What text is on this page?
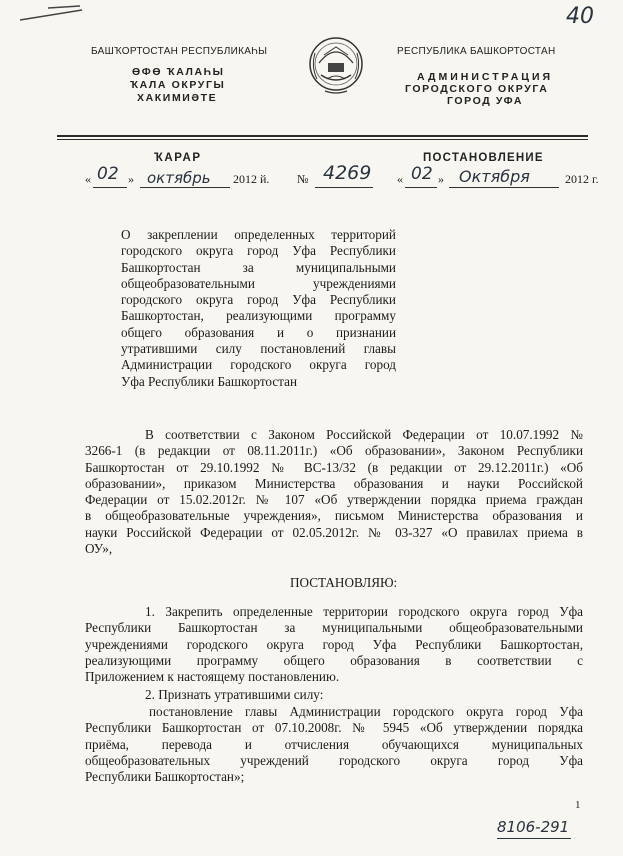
40
БАШҠОРТОСТАН РЕСПУБЛИКАҺЫ
ӨФӨ ҠАЛАҺЫ
ҠАЛА ОКРУГЫ
ХАКИМИӘТЕ
РЕСПУБЛИКА БАШКОРТОСТАН
АДМИНИСТРАЦИЯ
ГОРОДСКОГО ОКРУГА
ГОРОД УФА
ҠАРАР	ПОСТАНОВЛЕНИЕ
« 02 » октябрь 2012 й. № 4269 « 02 » Октября	2012 г.
О закреплении определенных территорий
городского округа город Уфа Республики
Башкортостан за муниципальными
общеобразовательными учреждениями
городского округа город Уфа Республики
Башкортостан, реализующими программу
общего образования и о признании
утратившими силу постановлений главы
Администрации городского округа город
Уфа Республики Башкортостан
В соответствии с Законом Российской Федерации от 10.07.1992 №
3266-1 (в редакции от 08.11.2011г.) «Об образовании», Законом Республики
Башкортостан от 29.10.1992 № ВС-13/32 (в редакции от 29.12.2011г.) «Об
образовании», приказом Министерства образования и науки Российской
Федерации от 15.02.2012г. № 107 «Об утверждении порядка приема граждан
в общеобразовательные учреждения», письмом Министерства образования и
науки Российской Федерации от 02.05.2012г. № 03-327 «О правилах приема в
ОУ»,
ПОСТАНОВЛЯЮ:
1. Закрепить определенные территории городского округа город Уфа
Республики Башкортостан за муниципальными общеобразовательными
учреждениями городского округа город Уфа Республики Башкортостан,
реализующими программу общего образования в соответствии с
Приложением к настоящему постановлению.
2. Признать утратившими силу:
постановление главы Администрации городского округа город Уфа
Республики Башкортостан от 07.10.2008г. № 5945 «Об утверждении порядка
приёма, перевода и отчисления обучающихся муниципальных
общеобразовательных учреждений городского округа город Уфа
Республики Башкортостан»;
1
8106-291
